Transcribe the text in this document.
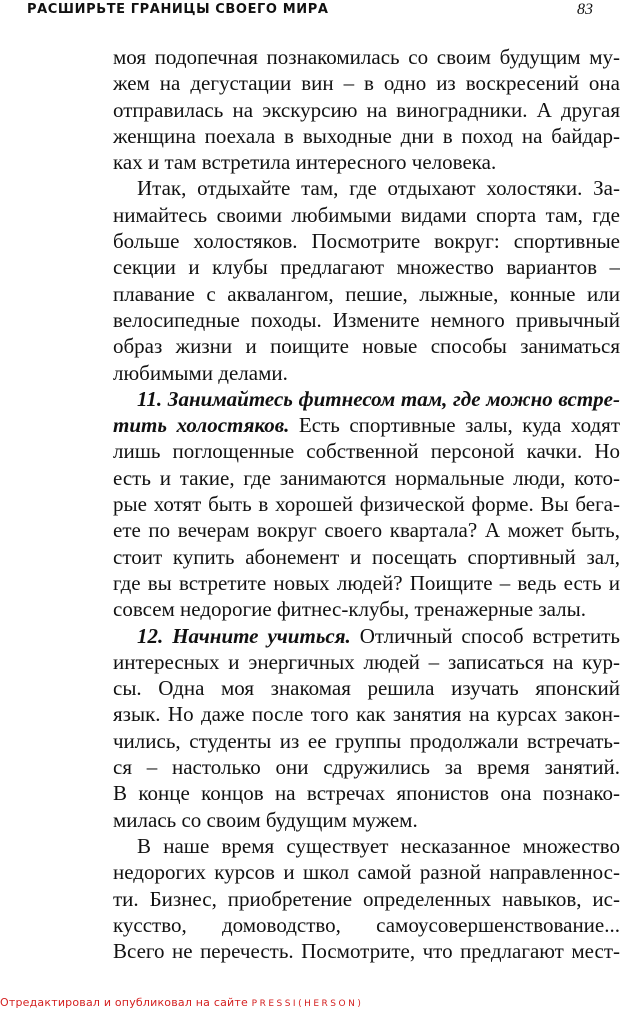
РАСШИРЬТЕ ГРАНИЦЫ СВОЕГО МИРА	83
моя подопечная познакомилась со своим будущим му-
жем на дегустации вин – в одно из воскресений она
отправилась на экскурсию на виноградники. А другая
женщина поехала в выходные дни в поход на байдар-
ках и там встретила интересного человека.
Итак, отдыхайте там, где отдыхают холостяки. За-
нимайтесь своими любимыми видами спорта там, где
больше холостяков. Посмотрите вокруг: спортивные
секции и клубы предлагают множество вариантов –
плавание с аквалангом, пешие, лыжные, конные или
велосипедные походы. Измените немного привычный
образ жизни и поищите новые способы заниматься
любимыми делами.
11. Занимайтесь фитнесом там, где можно встре-
тить холостяков. Есть спортивные залы, куда ходят
лишь поглощенные собственной персоной качки. Но
есть и такие, где занимаются нормальные люди, кото-
рые хотят быть в хорошей физической форме. Вы бега-
ете по вечерам вокруг своего квартала? А может быть,
стоит купить абонемент и посещать спортивный зал,
где вы встретите новых людей? Поищите – ведь есть и
совсем недорогие фитнес-клубы, тренажерные залы.
12. Начните учиться. Отличный способ встретить
интересных и энергичных людей – записаться на кур-
сы. Одна моя знакомая решила изучать японский
язык. Но даже после того как занятия на курсах закон-
чились, студенты из ее группы продолжали встречать-
ся – настолько они сдружились за время занятий.
В конце концов на встречах японистов она познако-
милась со своим будущим мужем.
В наше время существует несказанное множество
недорогих курсов и школ самой разной направленнос-
ти. Бизнес, приобретение определенных навыков, ис-
кусство, домоводство, самоусовершенствование...
Всего не перечесть. Посмотрите, что предлагают мест-
Отредактировал и опубликовал на сайте PRESSI(HERSON)
